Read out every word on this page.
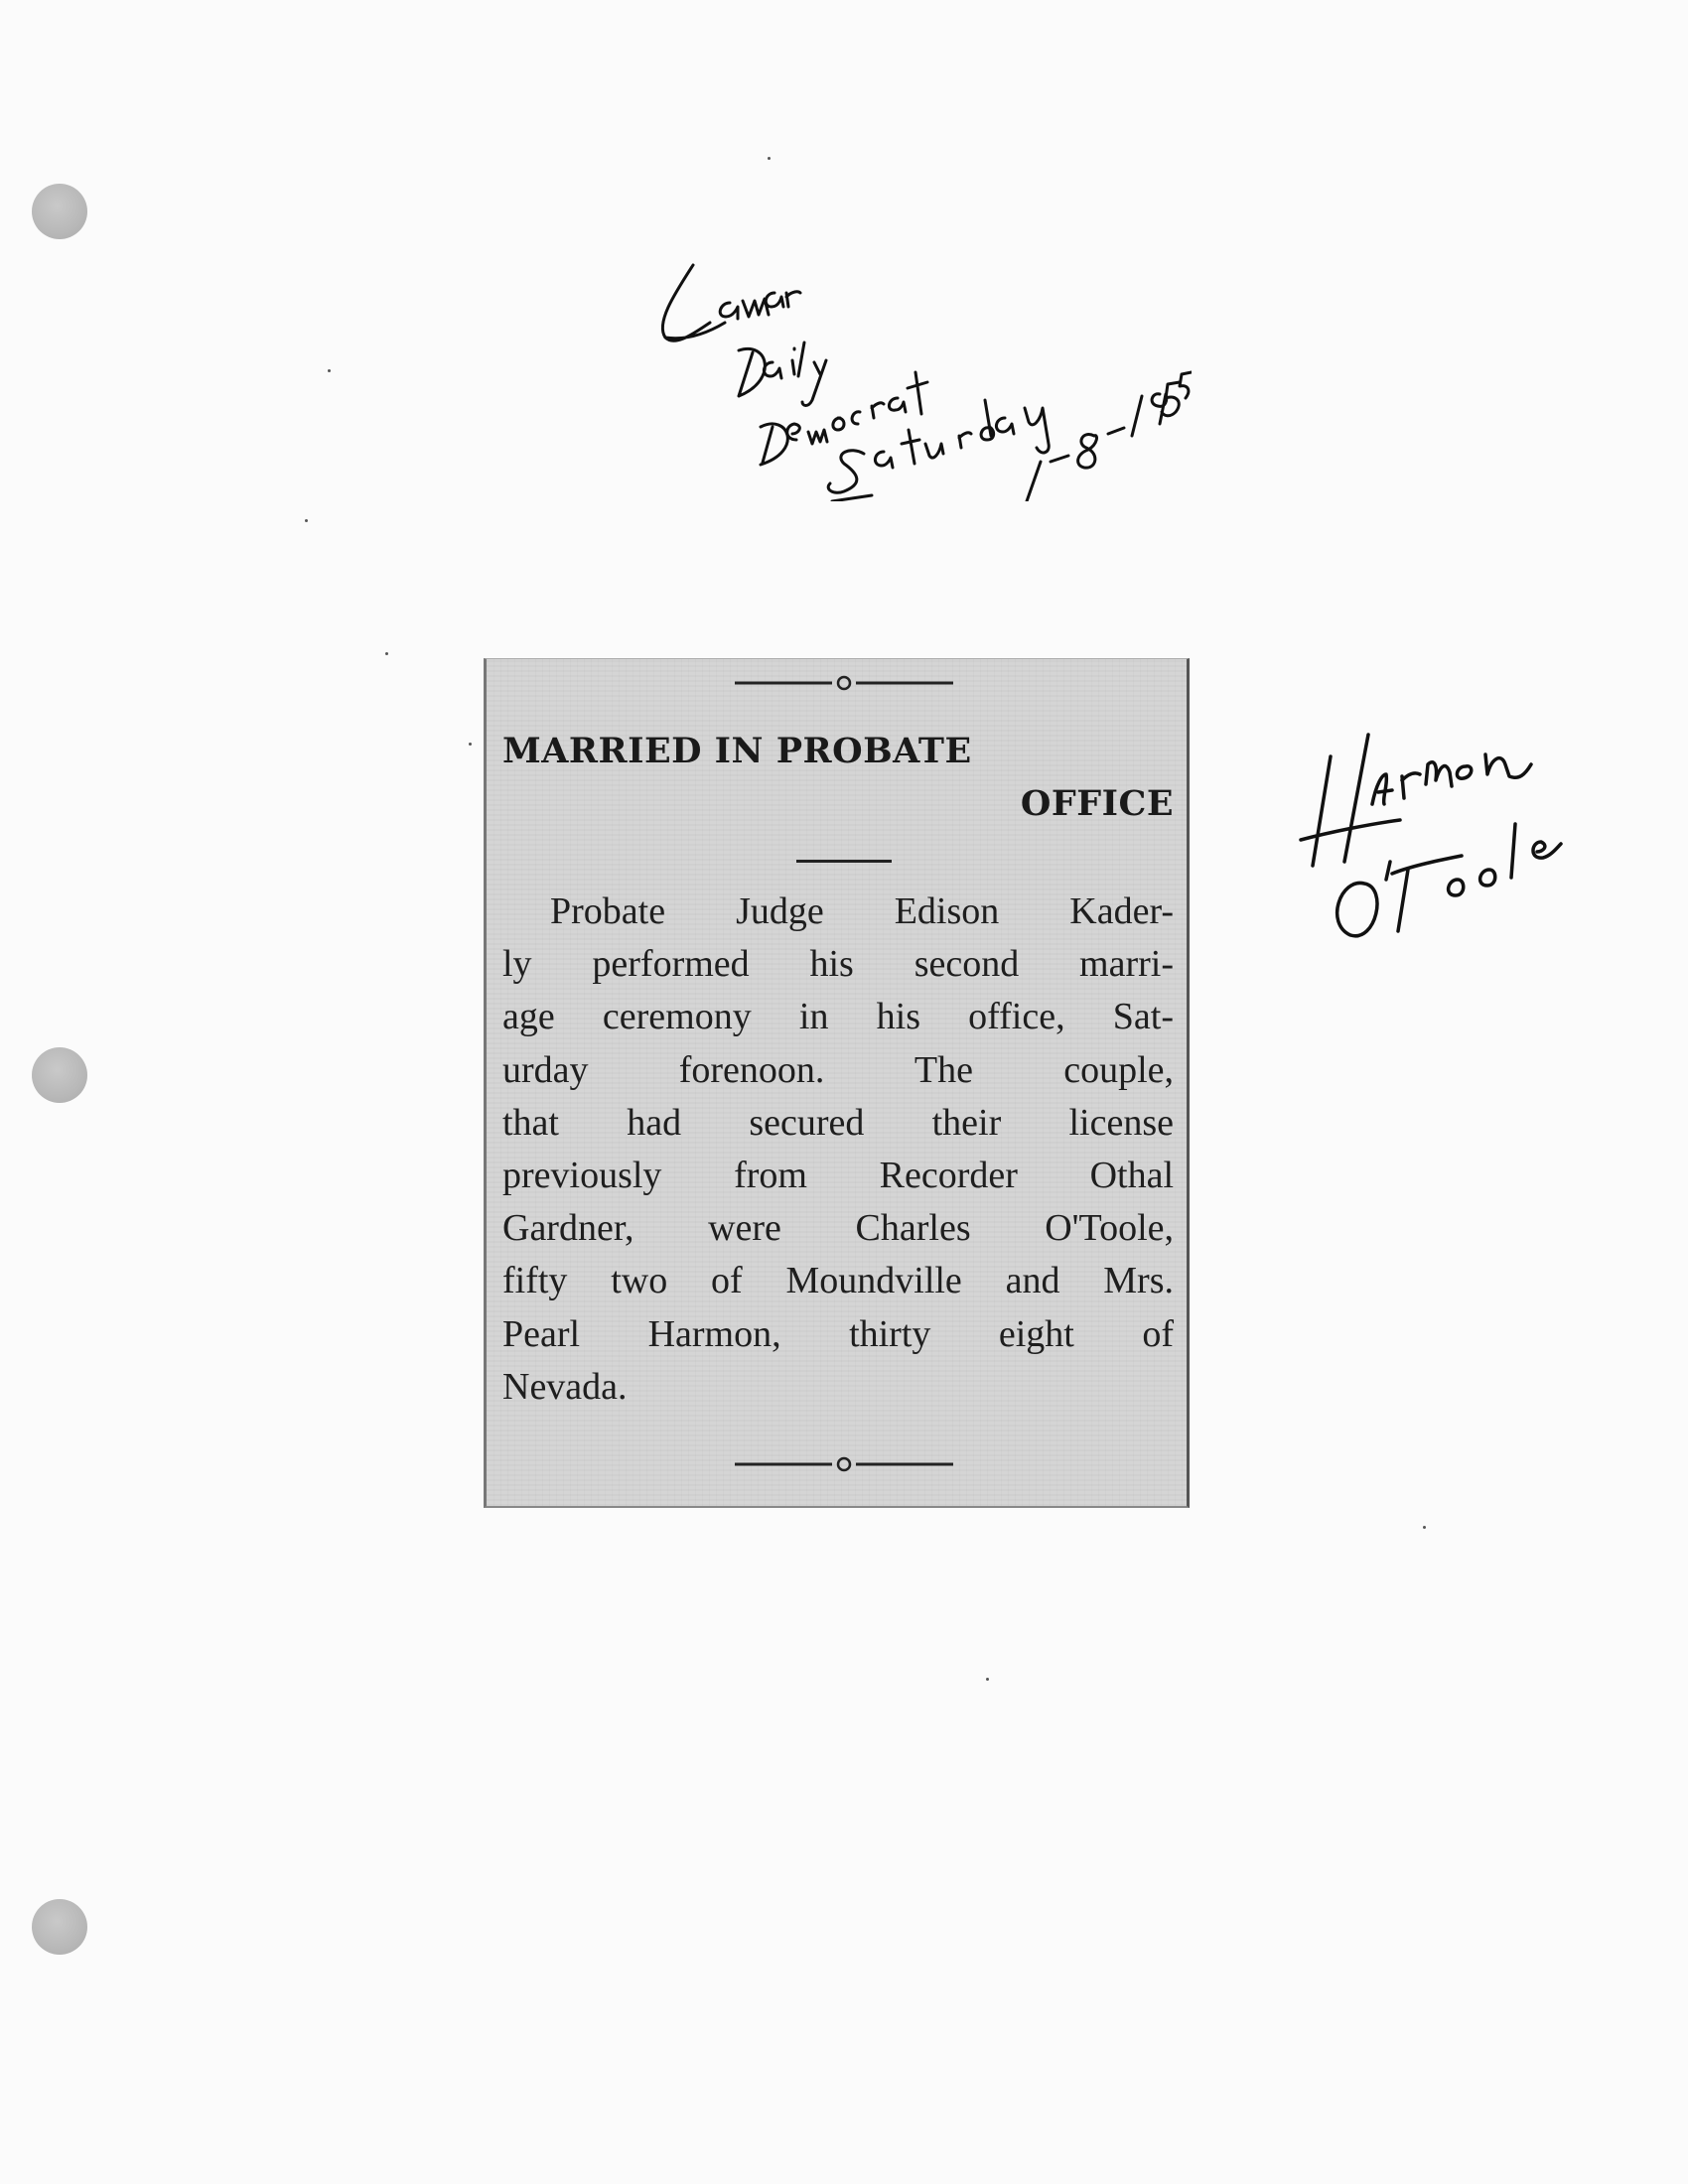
MARRIED IN PROBATE
OFFICE
Probate Judge Edison Kader-
ly performed his second marri-
age ceremony in his office, Sat-
urday forenoon. The couple,
that had secured their license
previously from Recorder Othal
Gardner, were Charles O'Toole,
fifty two of Moundville and Mrs.
Pearl Harmon, thirty eight of
Nevada.
